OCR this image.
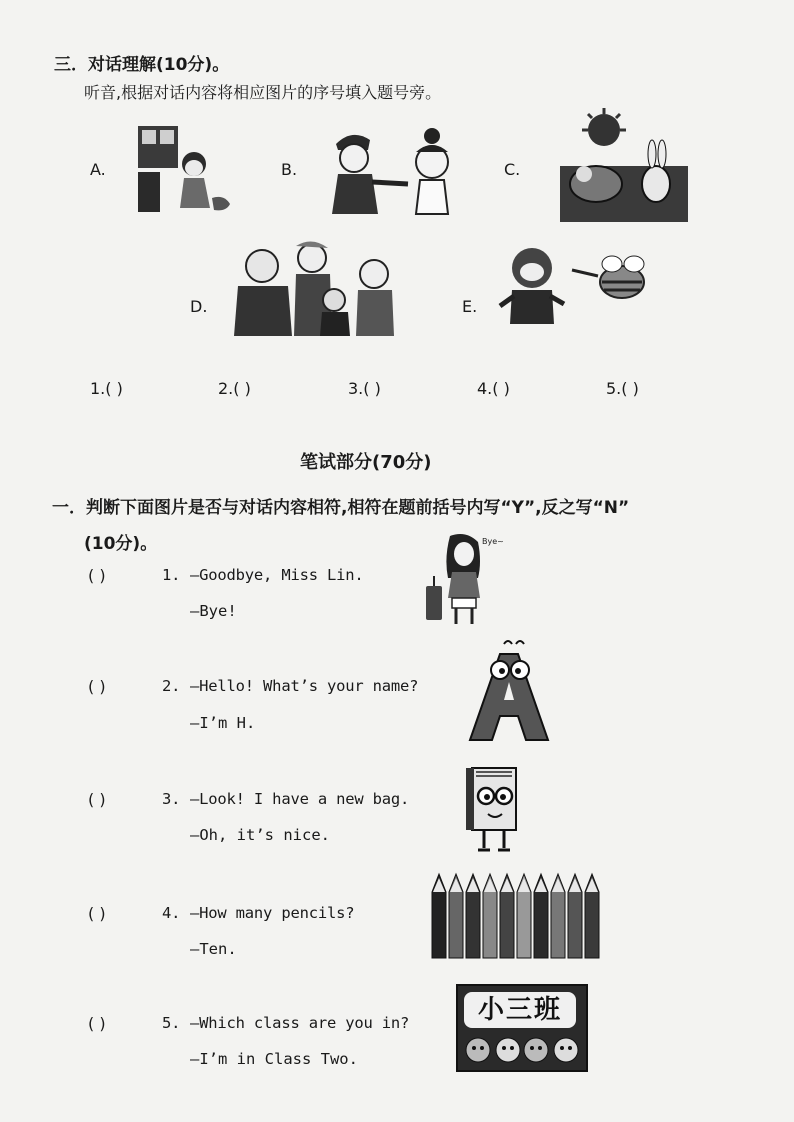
三．对话理解(10分)。
听音,根据对话内容将相应图片的序号填入题号旁。
A.	B.	C.
D.	E.
1.( )	2.( )	3.( )	4.( )	5.( )
笔试部分(70分)
一．判断下面图片是否与对话内容相符,相符在题前括号内写“Y”,反之写“N”
(10分)。
( )	1. —Goodbye, Miss Lin.
—Bye!
Bye~
( )	2. —Hello! What’s your name?
—I’m H.
( )	3. —Look! I have a new bag.
—Oh, it’s nice.
( )	4. —How many pencils?
—Ten.
( )	5. —Which class are you in?
—I’m in Class Two.
小三班
